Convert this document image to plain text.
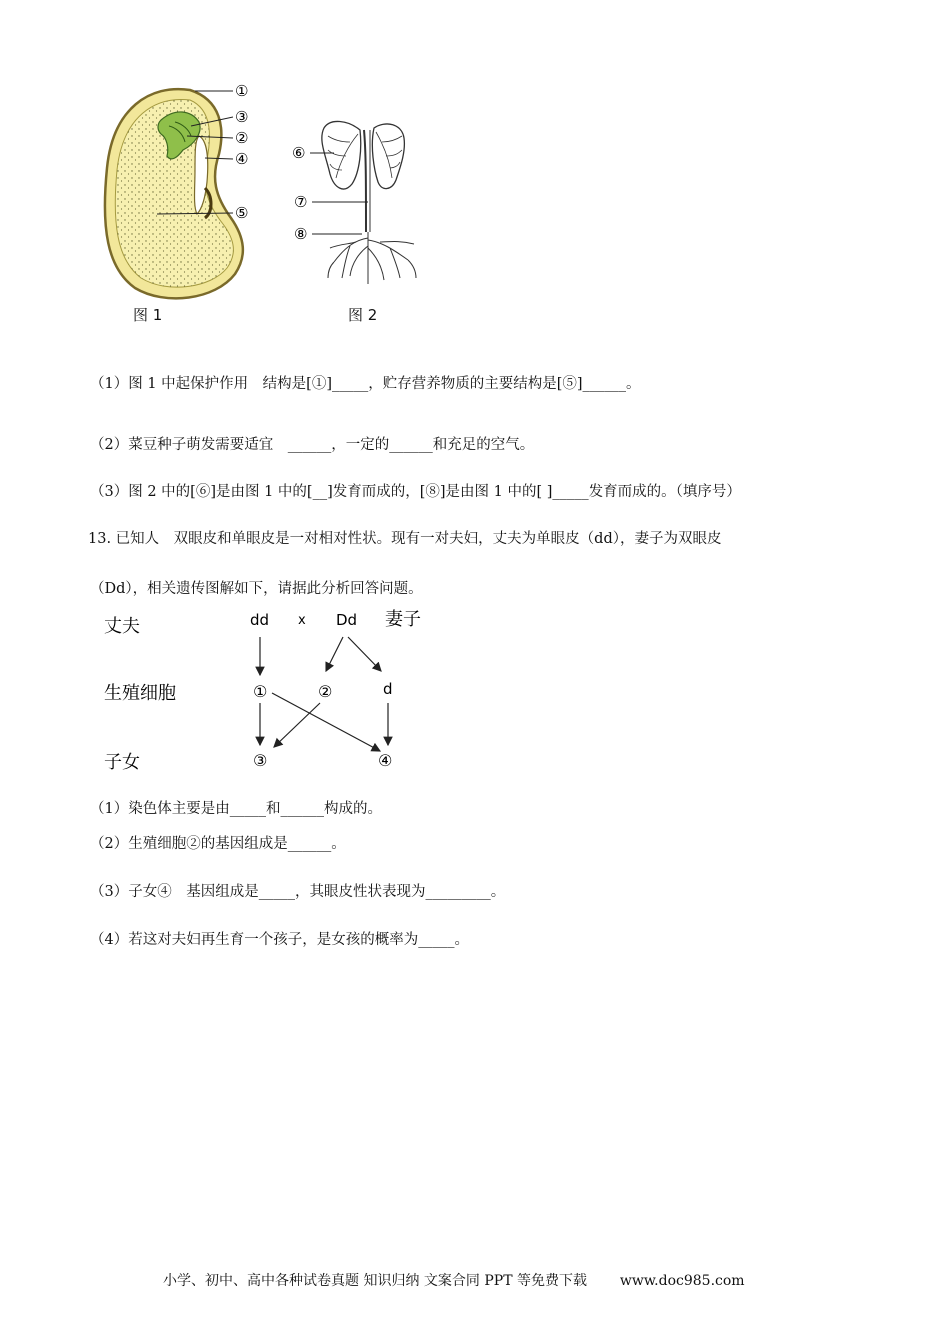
①
③
②
④
⑤
图 1
⑥
⑦
⑧
图 2
（1）图 1 中起保护作用　结构是[①]_____，贮存营养物质的主要结构是[⑤]______。
（2）菜豆种子萌发需要适宜　______，一定的______和充足的空气。
（3）图 2 中的[⑥]是由图 1 中的[__]发育而成的，[⑧]是由图 1 中的[ ]_____发育而成的。（填序号）
13. 已知人　双眼皮和单眼皮是一对相对性状。现有一对夫妇，丈夫为单眼皮（dd），妻子为双眼皮
（Dd），相关遗传图解如下，请据此分析回答问题。
丈夫
生殖细胞
子女
dd x Dd 妻子
①	②	d
③	④
（1）染色体主要是由_____和______构成的。
（2）生殖细胞②的基因组成是______。
（3）子女④　基因组成是_____，其眼皮性状表现为_________。
（4）若这对夫妇再生育一个孩子，是女孩的概率为_____。
小学、初中、高中各种试卷真题 知识归纳 文案合同 PPT 等免费下载 www.doc985.com
